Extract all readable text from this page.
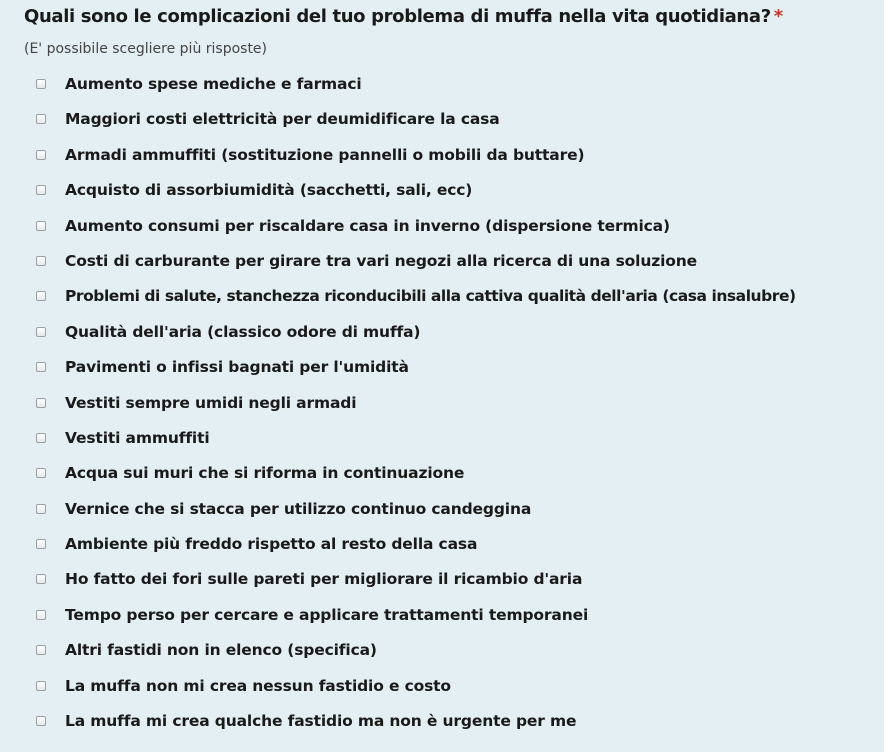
Quali sono le complicazioni del tuo problema di muffa nella vita quotidiana? *
(E' possibile scegliere più risposte)
Aumento spese mediche e farmaci
Maggiori costi elettricità per deumidificare la casa
Armadi ammuffiti (sostituzione pannelli o mobili da buttare)
Acquisto di assorbiumidità (sacchetti, sali, ecc)
Aumento consumi per riscaldare casa in inverno (dispersione termica)
Costi di carburante per girare tra vari negozi alla ricerca di una soluzione
Problemi di salute, stanchezza riconducibili alla cattiva qualità dell'aria (casa insalubre)
Qualità dell'aria (classico odore di muffa)
Pavimenti o infissi bagnati per l'umidità
Vestiti sempre umidi negli armadi
Vestiti ammuffiti
Acqua sui muri che si riforma in continuazione
Vernice che si stacca per utilizzo continuo candeggina
Ambiente più freddo rispetto al resto della casa
Ho fatto dei fori sulle pareti per migliorare il ricambio d'aria
Tempo perso per cercare e applicare trattamenti temporanei
Altri fastidi non in elenco (specifica)
La muffa non mi crea nessun fastidio e costo
La muffa mi crea qualche fastidio ma non è urgente per me
